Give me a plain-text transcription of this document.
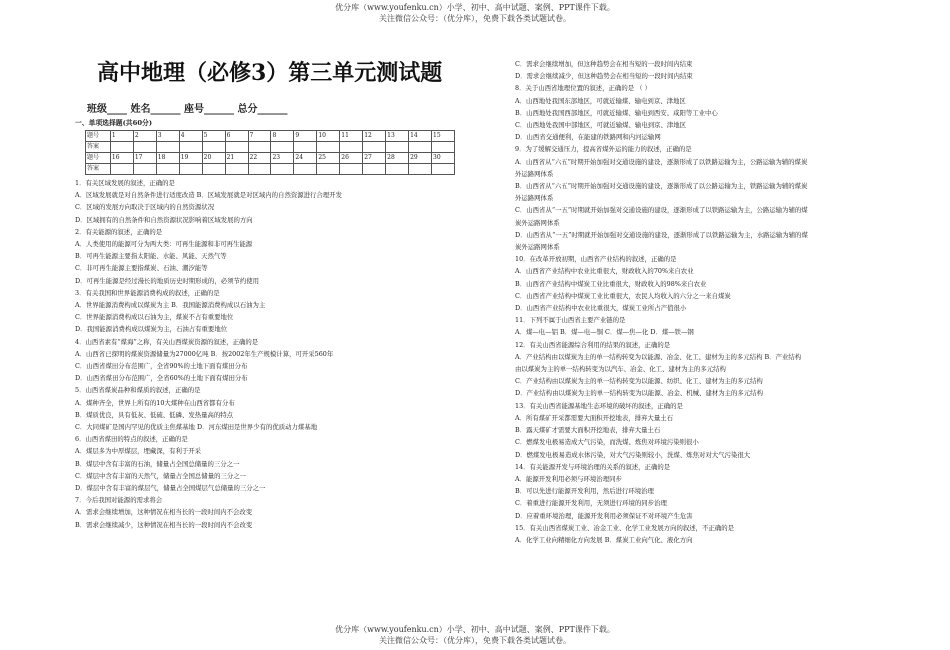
优分库（www.youfenku.cn）小学、初中、高中试题、案例、PPT课件下载。
关注微信公众号：（优分库），免费下载各类试题试卷。
高中地理（必修3）第三单元测试题
班级____ 姓名______ 座号______ 总分______
一、单项选择题(共60分)
题号	1	2	3	4	5	6	7	8	9	10	11	12	13	14	15
答案															
题号	16	17	18	19	20	21	22	23	24	25	26	27	28	29	30
答案															
1．有关区域发展的叙述，正确的是
A．区域发展就是对自然条件进行适度改造 B．区域发展就是对区域内的自然资源进行合理开发
C．区域的发展方向取决于区域内的自然资源状况
D．区域拥有的自然条件和自然资源状况影响着区域发展的方向
2．有关能源的叙述，正确的是
A．人类使用的能源可分为两大类：可再生能源和非可再生能源
B．可再生能源主要指太阳能、水能、风能、天然气等
C．非可再生能源主要指煤炭、石油、潮汐能等
D．可再生能源是经过漫长的地质历史时期形成的，必须节约使用
3．有关我国和世界能源消费构成的叙述，正确的是
A．世界能源消费构成以煤炭为主 B．我国能源消费构成以石油为主
C．世界能源消费构成以石油为主，煤炭不占有重要地位
D．我国能源消费构成以煤炭为主，石油占有重要地位
4．山西省素有“煤海”之称，有关山西煤炭资源的叙述，正确的是
A．山西省已探明的煤炭资源储量为27000亿吨 B．按2002年生产规模计算，可开采560年
C．山西省煤田分布范围广，全省90%的土地下面有煤田分布
D．山西省煤田分布范围广，全省60%的土地下面有煤田分布
5．山西省煤炭品种和煤质的叙述，正确的是
A．煤种齐全，世界上所有的10大煤种在山西省都有分布
B．煤质优良，具有低灰、低硫、低磷、发热量高的特点
C．大同煤矿是国内罕见的优质主焦煤基地 D．河东煤田是世界少有的优质动力煤基地
6．山西省煤田的特点的叙述，正确的是
A．煤层多为中厚煤层，埋藏深，有利于开采
B．煤层中含有丰富的石油，储量占全国总储量的三分之一
C．煤层中含有丰富的天然气，储量占全国总储量的三分之一
D．煤层中含有丰富的煤层气，储量占全国煤层气总储量的三分之一
7．今后我国对能源的需求将会
A．需求会继续增加，这种情况在相当长的一段时间内不会改变
B．需求会继续减少，这种情况在相当长的一段时间内不会改变
C．需求会继续增加，但这种趋势会在相当短的一段时间内结束
D．需求会继续减少，但这种趋势会在相当短的一段时间内结束
8．关于山西省地理位置的叙述，正确的是 （ ）
A．山西地处我国东部地区，可就近输煤、输电到京、津地区
B．山西地处我国西部地区，可就近输煤、输电到西安、咸阳等工业中心
C．山西地处我国中部地区，可就近输煤、输电到京、津地区
D．山西省交通便利，在能建的铁路网和内河运输网
9．为了缓解交通压力，提高省煤外运的能力的叙述，正确的是
A．山西省从“六五”时期开始加强对交通设施的建设，逐渐形成了以铁路运输为主，公路运输为辅的煤炭
外运路网体系
B．山西省从“六五”时期开始加强对交通设施的建设，逐渐形成了以公路运输为主，铁路运输为辅的煤炭
外运路网体系
C．山西省从“一五”时期就开始加强对交通设施的建设，逐渐形成了以铁路运输为主，公路运输为辅的煤
炭外运路网体系
D．山西省从“一五”时期就开始加强对交通设施的建设，逐渐形成了以铁路运输为主，水路运输为辅的煤
炭外运路网体系
10．在改革开放初期，山西省产业结构的叙述，正确的是
A．山西省产业结构中农业比重很大，财政收入的70%来自农业
B．山西省产业结构中煤炭工业比重很大，财政收入的98%来自农业
C．山西省产业结构中煤炭工业比重很大，农民人均收入的六分之一来自煤炭
D．山西省产业结构中农业比重很大，煤炭工业所占产值很小
11．下列不属于山西省主要产业链的是
A．煤—电—铝 B．煤—电—铜 C．煤—焦—化 D．煤—铁—钢
12．有关山西省能源综合利用的结果的叙述，正确的是
A．产业结构由以煤炭为主的单一结构转变为以能源、冶金、化工、建材为主的多元结构 B．产业结构
由以煤炭为主的单一结构转变为以汽车、冶金、化工、建材为主的多元结构
C．产业结构由以煤炭为主的单一结构转变为以能源、纺织、化工、建材为主的多元结构
D．产业结构由以煤炭为主的单一结构转变为以能源、冶金、机械、建材为主的多元结构
13．有关山西省能源基地生态环境的破坏的叙述，正确的是
A．所有煤矿开采都需要大面积开挖地表，排弃大量土石
B．露天煤矿才需要大面积开挖地表，排弃大量土石
C．燃煤发电极易造成大气污染，而洗煤、炼焦对环境污染则很小
D．燃煤发电极易造成水体污染，对大气污染则较小，洗煤、炼焦对对大气污染很大
14．有关能源开发与环境治理的关系的叙述，正确的是
A．能源开发利用必须与环境治理同步
B．可以先进行能源开发利用，然后进行环境治理
C．着重进行能源开发利用，无须进行环境的同步治理
D．应着重环境治理，能源开发利用必须保证不对环境产生危害
15．有关山西省煤炭工业、冶金工业、化学工业发展方向的叙述，不正确的是
A．化学工业向精细化方向发展 B．煤炭工业向气化、液化方向
优分库（www.youfenku.cn）小学、初中、高中试题、案例、PPT课件下载。
关注微信公众号：（优分库），免费下载各类试题试卷。
